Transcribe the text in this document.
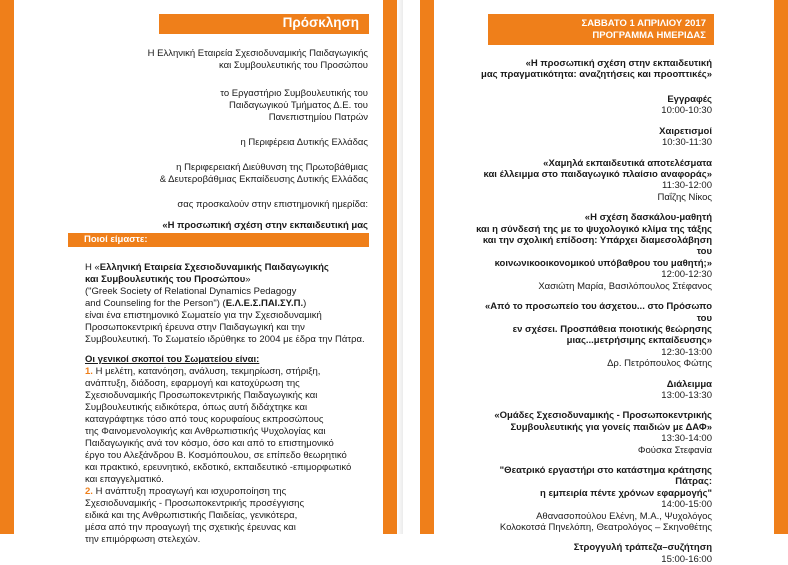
Πρόσκληση

Η Ελληνική Εταιρεία Σχεσιοδυναμικής Παιδαγωγικής

και Συμβουλευτικής του Προσώπου

το Εργαστήριο Συμβουλευτικής του

Παιδαγωγικού Τμήματος Δ.Ε. του

Πανεπιστημίου Πατρών

η Περιφέρεια Δυτικής Ελλάδας

η Περιφερειακή Διεύθυνση της Πρωτοβάθμιας

& Δευτεροβάθμιας Εκπαίδευσης Δυτικής Ελλάδας

σας προσκαλούν στην επιστημονική ημερίδα:

«Η προσωπική σχέση στην εκπαιδευτική μας

Ποιοί είμαστε:

Η «Ελληνική Εταιρεία Σχεσιοδυναμικής Παιδαγωγικής

και Συμβουλευτικής του Προσώπου»

("Greek Society of Relational Dynamics Pedagogy

and Counseling for the Person") (Ε.Λ.Ε.Σ.ΠΑΙ.ΣΥ.Π.)

είναι ένα επιστημονικό Σωματείο για την Σχεσιοδυναμική

Προσωποκεντρική έρευνα στην Παιδαγωγική και την

Συμβουλευτική. Το Σωματείο ιδρύθηκε το 2004 με έδρα την Πάτρα.

Οι γενικοί σκοποί του Σωματείου είναι:

1. Η μελέτη, κατανόηση, ανάλυση, τεκμηρίωση, στήριξη,

ανάπτυξη, διάδοση, εφαρμογή και κατοχύρωση της

Σχεσιοδυναμικής Προσωποκεντρικής Παιδαγωγικής και

Συμβουλευτικής ειδικότερα, όπως αυτή διδάχτηκε και

καταγράφτηκε τόσο από τους κορυφαίους εκπροσώπους

της Φαινομενολογικής και Ανθρωπιστικής Ψυχολογίας και

Παιδαγωγικής ανά τον κόσμο, όσο και από το επιστημονικό

έργο του Αλεξάνδρου Β. Κοσμόπουλου, σε επίπεδο θεωρητικό

και πρακτικό, ερευνητικό, εκδοτικό, εκπαιδευτικό -επιμορφωτικό

και επαγγελματικό.

2. Η ανάπτυξη προαγωγή και ισχυροποίηση της

Σχεσιοδυναμικής - Προσωποκεντρικής προσέγγισης

ειδικά και της Ανθρωπιστικής Παιδείας, γενικότερα,

μέσα από την προαγωγή της σχετικής έρευνας και

την επιμόρφωση στελεχών.

ΣΑΒΒΑΤΟ 1 ΑΠΡΙΛΙΟΥ 2017

ΠΡΟΓΡΑΜΜΑ ΗΜΕΡΙΔΑΣ

«Η προσωπική σχέση στην εκπαιδευτική

μας πραγματικότητα: αναζητήσεις και προοπτικές»

Εγγραφές

10:00-10:30

Χαιρετισμοί

10:30-11:30

«Χαμηλά εκπαιδευτικά αποτελέσματα

και έλλειμμα στο παιδαγωγικό πλαίσιο αναφοράς»

11:30-12:00

Παΐζης Νίκος

«Η σχέση δασκάλου-μαθητή

και η σύνδεσή της με το ψυχολογικό κλίμα της τάξης

και την σχολική επίδοση: Υπάρχει διαμεσολάβηση του

κοινωνικοοικονομικού υπόβαθρου του μαθητή;»

12:00-12:30

Χασιώτη Μαρία, Βασιλόπουλος Στέφανος

«Από το προσωπείο του άσχετου... στο Πρόσωπο του

εν σχέσει. Προσπάθεια ποιοτικής θεώρησης

μιας...μετρήσιμης εκπαίδευσης»

12:30-13:00

Δρ. Πετρόπουλος Φώτης

Διάλειμμα

13:00-13:30

«Ομάδες Σχεσιοδυναμικής - Προσωποκεντρικής

Συμβουλευτικής για γονείς παιδιών με ΔΑΦ»

13:30-14:00

Φούσκα Στεφανία

"Θεατρικό εργαστήρι στο κατάστημα κράτησης Πάτρας:

η εμπειρία πέντε χρόνων εφαρμογής"

14:00-15:00

Αθανασοπούλου Ελένη, Μ.Α., Ψυχολόγος

Κολοκοτσά Πηνελόπη, Θεατρολόγος – Σκηνοθέτης

Στρογγυλή τράπεζα–συζήτηση

15:00-16:00
